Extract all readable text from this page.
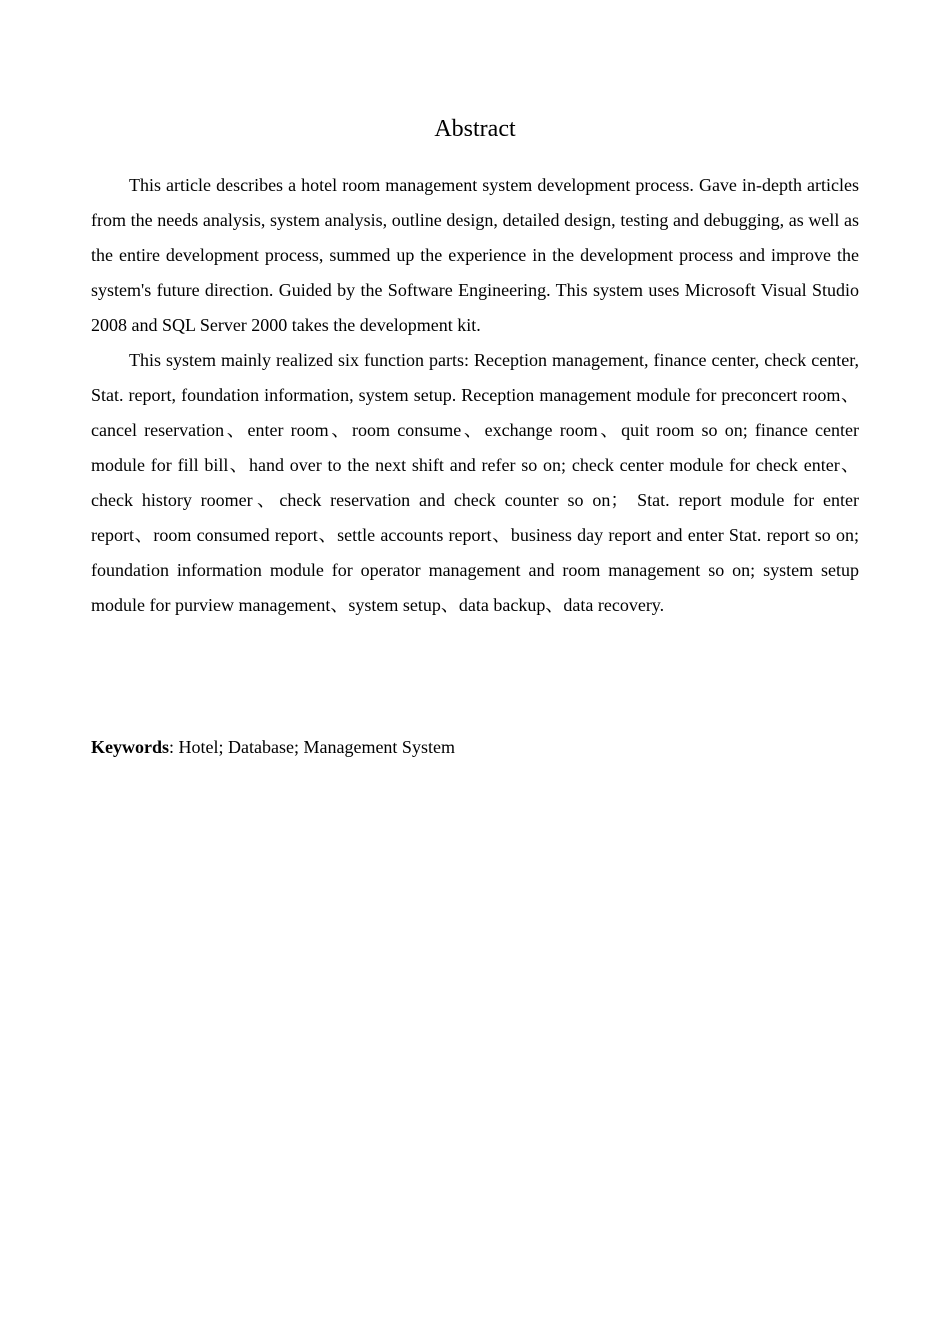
Abstract

This article describes a hotel room management system development process. Gave in-depth articles from the needs analysis, system analysis, outline design, detailed design, testing and debugging, as well as the entire development process, summed up the experience in the development process and improve the system's future direction. Guided by the Software Engineering. This system uses Microsoft Visual Studio 2008 and SQL Server 2000 takes the development kit.

This system mainly realized six function parts: Reception management, finance center, check center, Stat. report, foundation information, system setup. Reception management module for preconcert room、cancel reservation、enter room、room consume、exchange room、quit room so on; finance center module for fill bill、hand over to the next shift and refer so on; check center module for check enter、check history roomer、check reservation and check counter so on； Stat. report module for enter report、room consumed report、settle accounts report、business day report and enter Stat. report so on; foundation information module for operator management and room management so on; system setup module for purview management、system setup、data backup、data recovery.

Keywords: Hotel; Database; Management System
